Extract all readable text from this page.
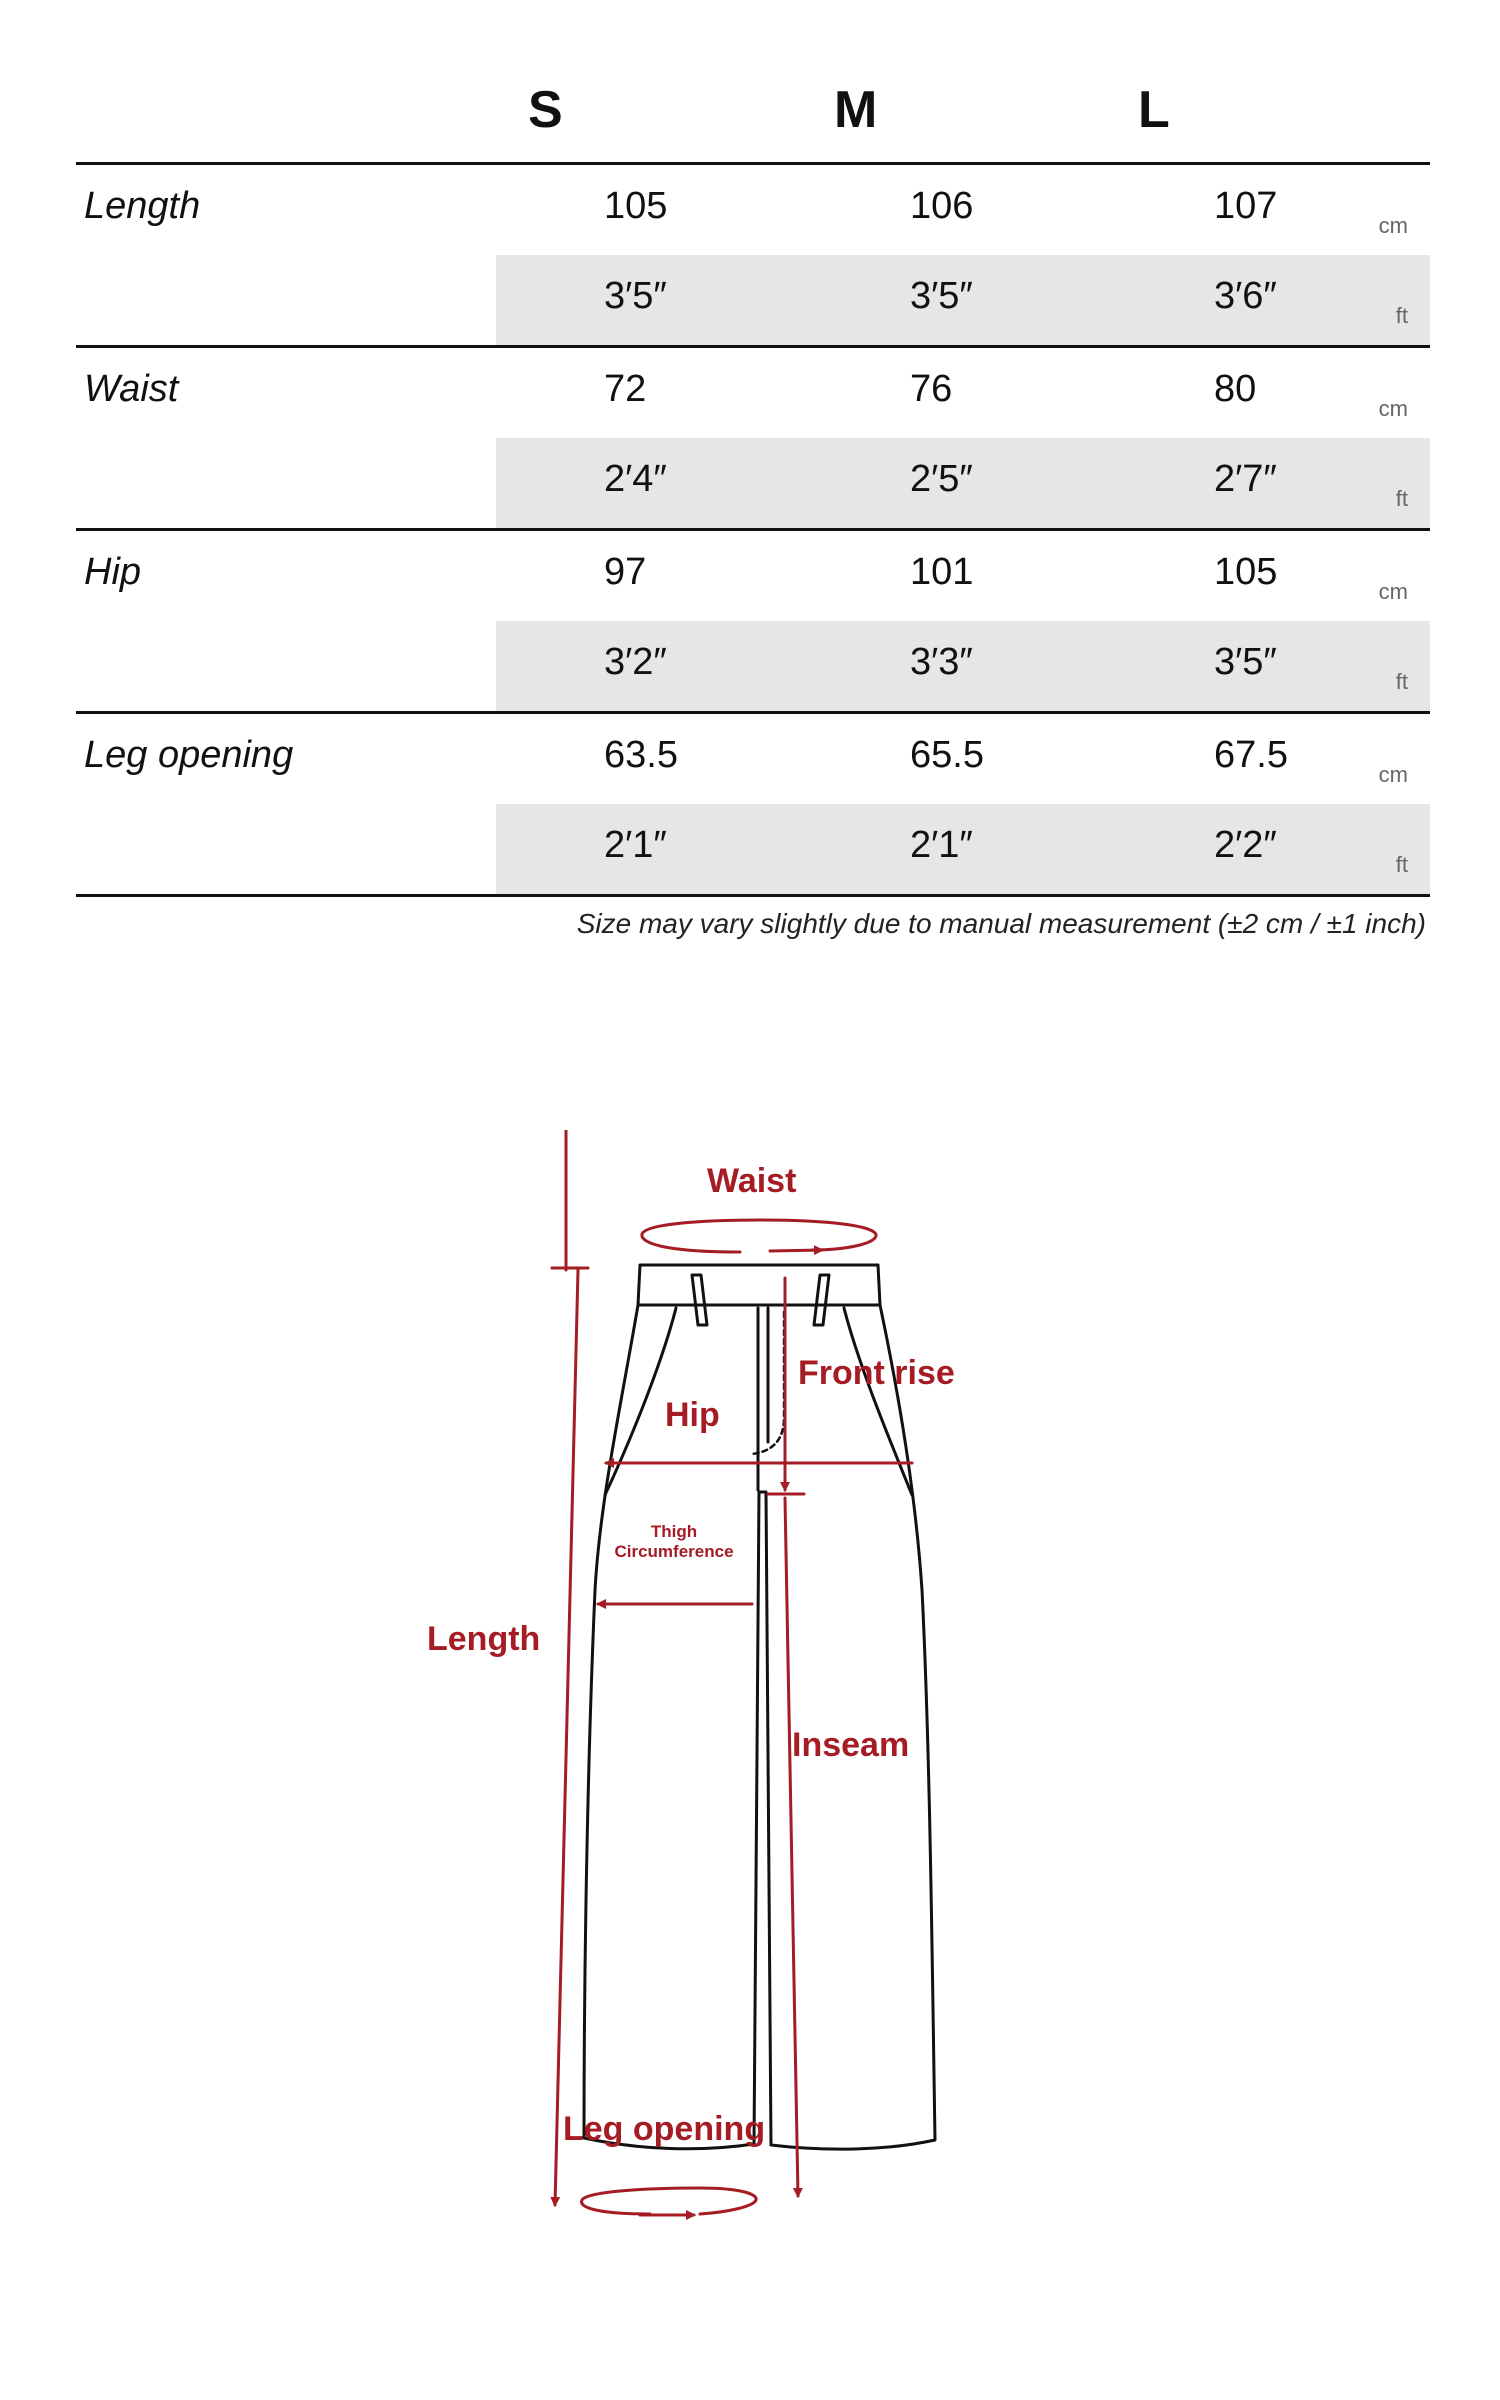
S	M	L
Length	105	106	107	cm
3′5″	3′5″	3′6″	ft
Waist	72	76	80	cm
2′4″	2′5″	2′7″	ft
Hip	97	101	105	cm
3′2″	3′3″	3′5″	ft
Leg opening	63.5	65.5	67.5	cm
2′1″	2′1″	2′2″	ft
Size may vary slightly due to manual measurement (±2 cm / ±1 inch)
Waist
Front rise
Hip
Thigh
Circumference
Length
Inseam
Leg opening
